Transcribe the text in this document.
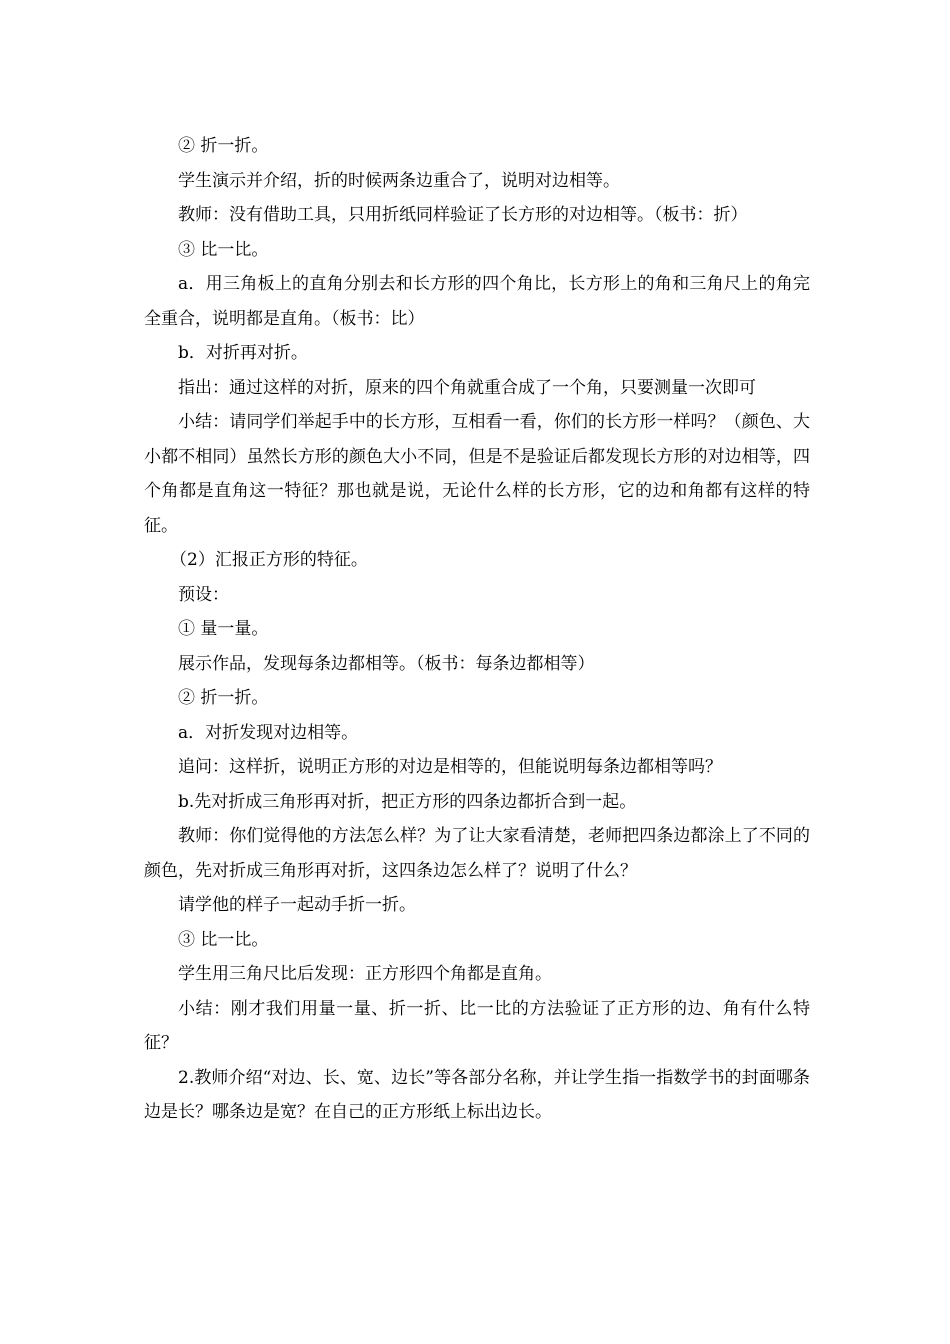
② 折一折。

学生演示并介绍，折的时候两条边重合了，说明对边相等。

教师：没有借助工具，只用折纸同样验证了长方形的对边相等。（板书：折）

③ 比一比。

a．用三角板上的直角分别去和长方形的四个角比，长方形上的角和三角尺上的角完全重合，说明都是直角。（板书：比）

b．对折再对折。

指出：通过这样的对折，原来的四个角就重合成了一个角，只要测量一次即可

小结：请同学们举起手中的长方形，互相看一看，你们的长方形一样吗？（颜色、大小都不相同）虽然长方形的颜色大小不同，但是不是验证后都发现长方形的对边相等，四个角都是直角这一特征？那也就是说，无论什么样的长方形，它的边和角都有这样的特征。

（2）汇报正方形的特征。

预设：

① 量一量。

展示作品，发现每条边都相等。（板书：每条边都相等）

② 折一折。

a．对折发现对边相等。

追问：这样折，说明正方形的对边是相等的，但能说明每条边都相等吗？

b.先对折成三角形再对折，把正方形的四条边都折合到一起。

教师：你们觉得他的方法怎么样？为了让大家看清楚，老师把四条边都涂上了不同的颜色，先对折成三角形再对折，这四条边怎么样了？说明了什么？

请学他的样子一起动手折一折。

③ 比一比。

学生用三角尺比后发现：正方形四个角都是直角。

小结：刚才我们用量一量、折一折、比一比的方法验证了正方形的边、角有什么特征？

2.教师介绍“对边、长、宽、边长”等各部分名称，并让学生指一指数学书的封面哪条边是长？哪条边是宽？在自己的正方形纸上标出边长。
